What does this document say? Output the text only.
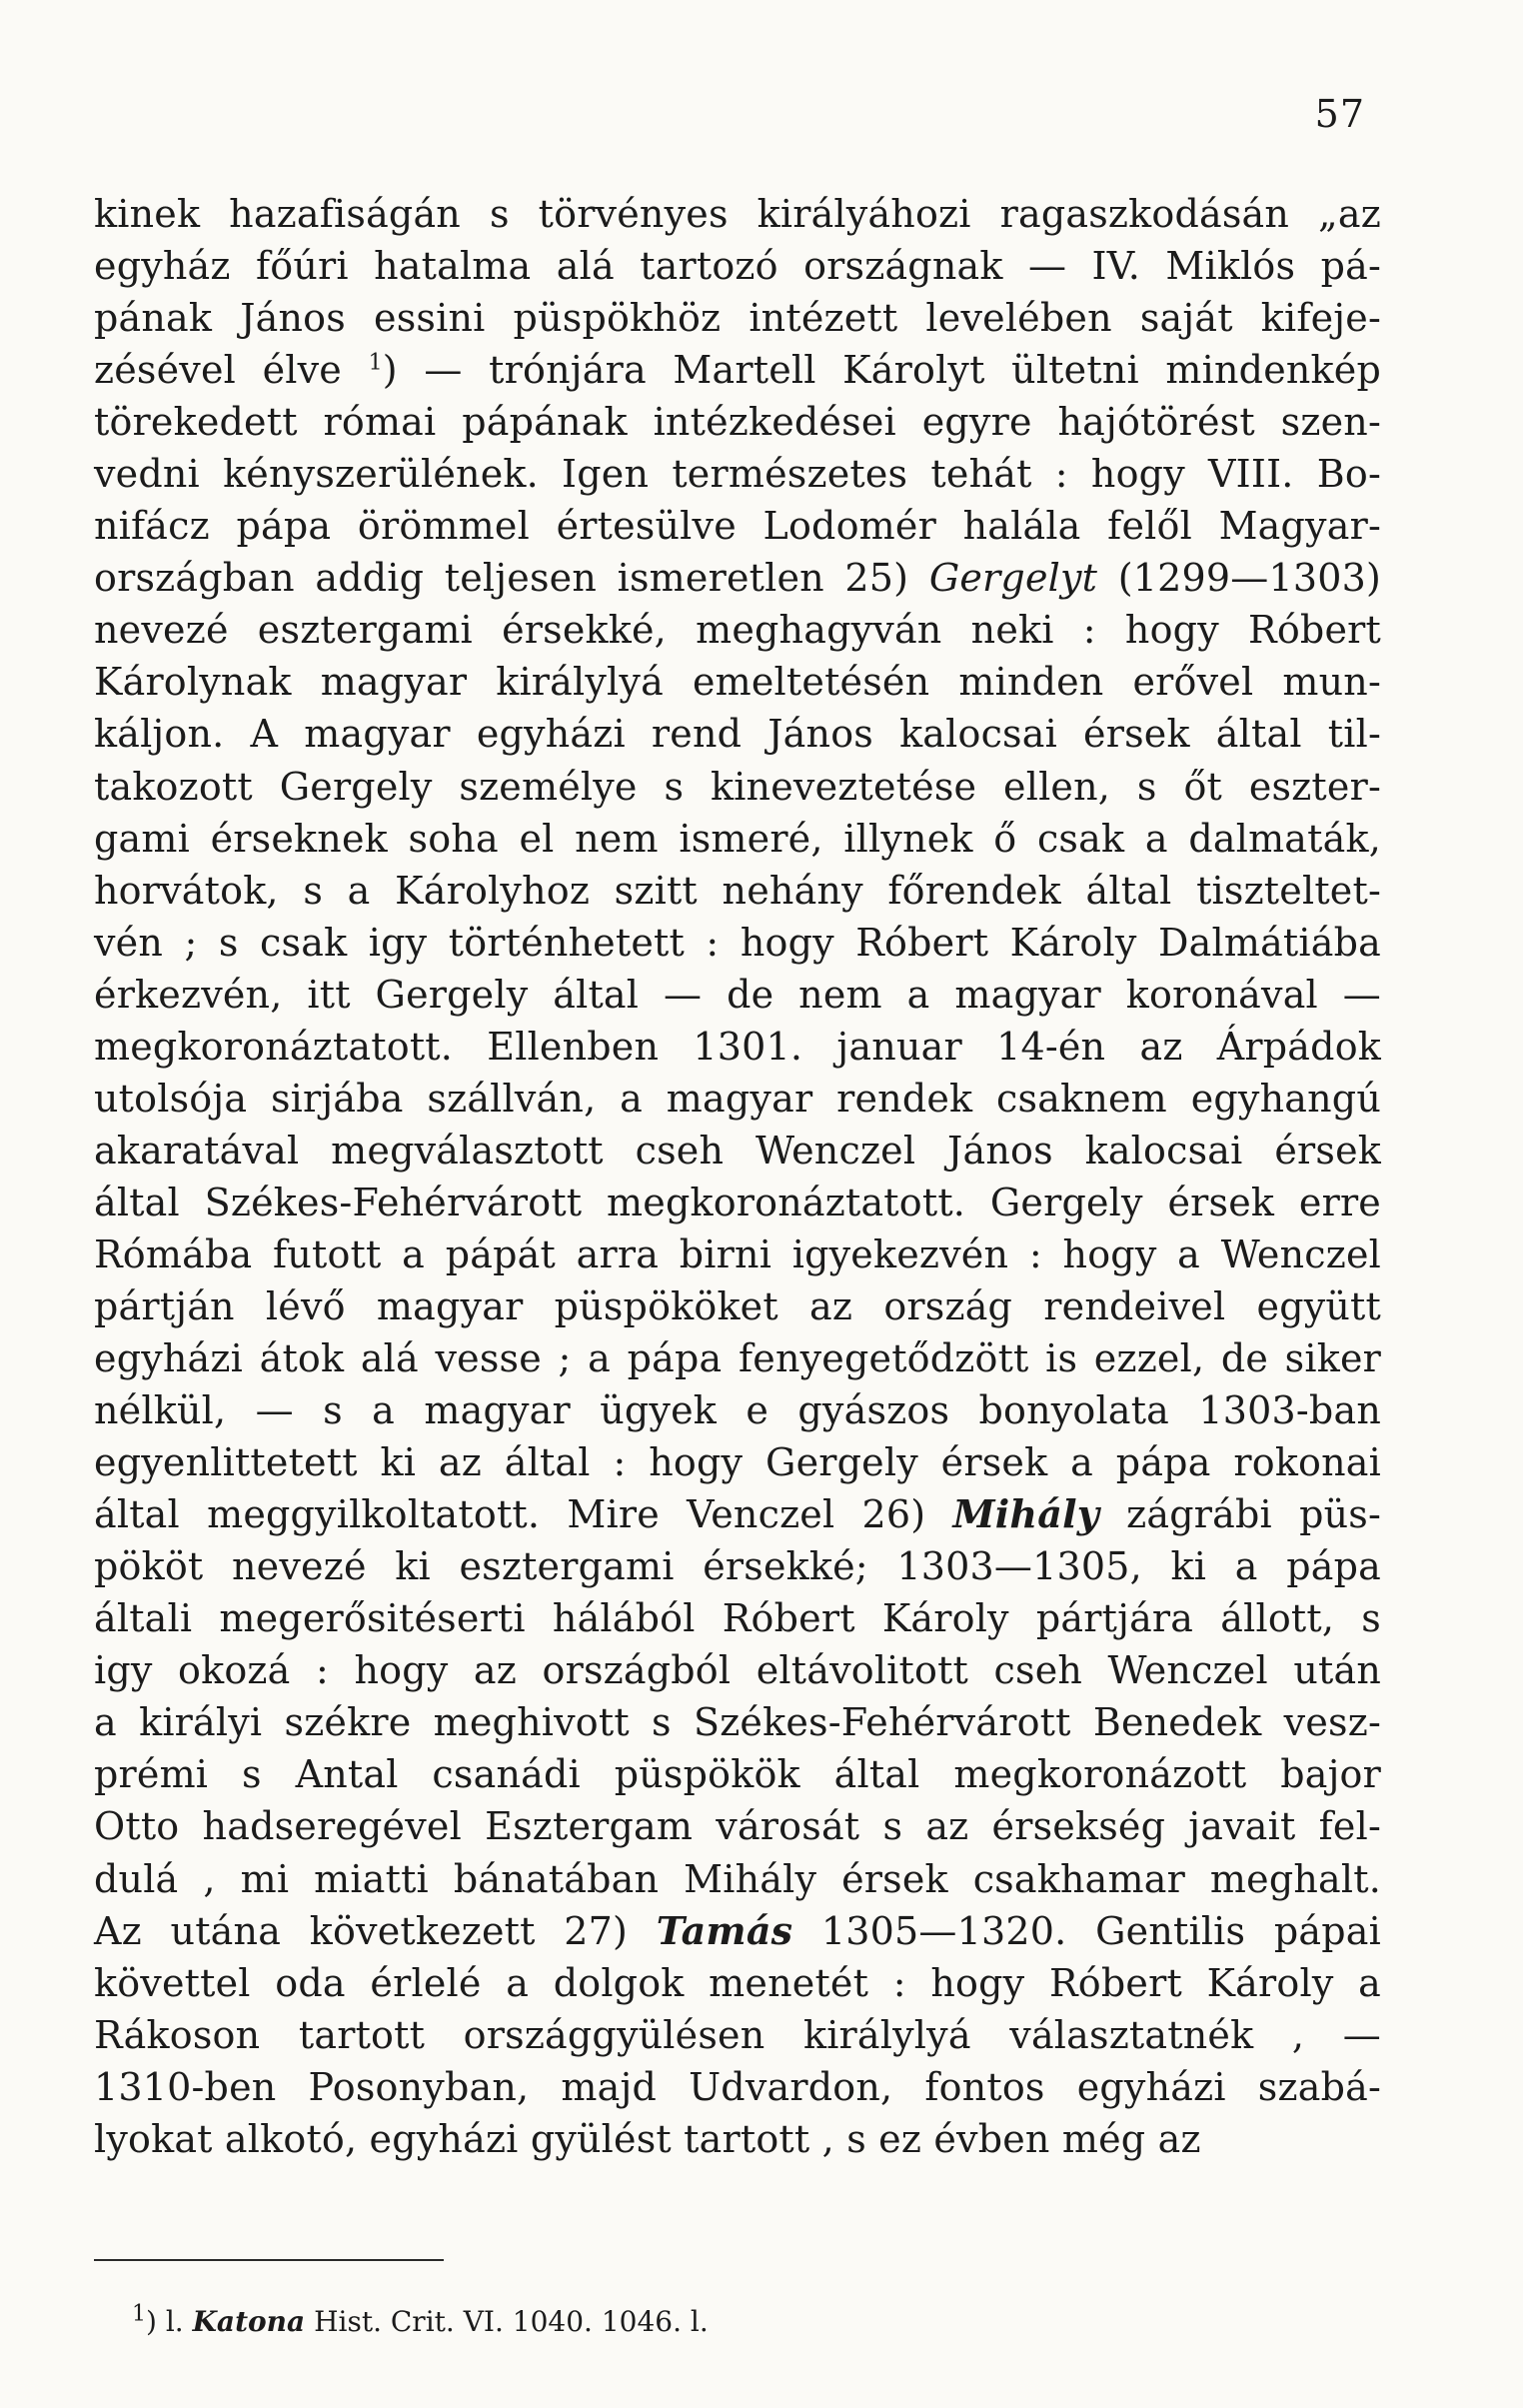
57
kinek hazafiságán s törvényes királyáhozi ragaszkodásán „az
egyház főúri hatalma alá tartozó országnak — IV. Miklós pá-
pának János essini püspökhöz intézett levelében saját kifeje-
zésével élve $^1$) — trónjára Martell Károlyt ültetni mindenkép
törekedett római pápának intézkedései egyre hajótörést szen-
vedni kényszerülének. Igen természetes tehát : hogy VIII. Bo-
nifácz pápa örömmel értesülve Lodomér halála felől Magyar-
országban addig teljesen ismeretlen 25) Gergelyt (1299—1303)
nevezé esztergami érsekké, meghagyván neki : hogy Róbert
Károlynak magyar királylyá emeltetésén minden erővel mun-
káljon. A magyar egyházi rend János kalocsai érsek által til-
takozott Gergely személye s kineveztetése ellen, s őt eszter-
gami érseknek soha el nem ismeré, illynek ő csak a dalmaták,
horvátok, s a Károlyhoz szitt nehány főrendek által tiszteltet-
vén ; s csak igy történhetett : hogy Róbert Károly Dalmátiába
érkezvén, itt Gergely által — de nem a magyar koronával —
megkoronáztatott. Ellenben 1301. januar 14-én az Árpádok
utolsója sirjába szállván, a magyar rendek csaknem egyhangú
akaratával megválasztott cseh Wenczel János kalocsai érsek
által Székes-Fehérvárott megkoronáztatott. Gergely érsek erre
Rómába futott a pápát arra birni igyekezvén : hogy a Wenczel
pártján lévő magyar püspököket az ország rendeivel együtt
egyházi átok alá vesse ; a pápa fenyegetődzött is ezzel, de siker
nélkül, — s a magyar ügyek e gyászos bonyolata 1303-ban
egyenlittetett ki az által : hogy Gergely érsek a pápa rokonai
által meggyilkoltatott. Mire Venczel 26) Mihály zágrábi püs-
pököt nevezé ki esztergami érsekké; 1303—1305, ki a pápa
általi megerősitéserti hálából Róbert Károly pártjára állott, s
igy okozá : hogy az országból eltávolitott cseh Wenczel után
a királyi székre meghivott s Székes-Fehérvárott Benedek vesz-
prémi s Antal csanádi püspökök által megkoronázott bajor
Otto hadseregével Esztergam városát s az érsekség javait fel-
dulá , mi miatti bánatában Mihály érsek csakhamar meghalt.
Az utána következett 27) Tamás 1305—1320. Gentilis pápai
követtel oda érlelé a dolgok menetét : hogy Róbert Károly a
Rákoson tartott országgyülésen királylyá választatnék , —
1310-ben Posonyban, majd Udvardon, fontos egyházi szabá-
lyokat alkotó, egyházi gyülést tartott , s ez évben még az
$^1$) l. Katona Hist. Crit. VI. 1040. 1046. l.
